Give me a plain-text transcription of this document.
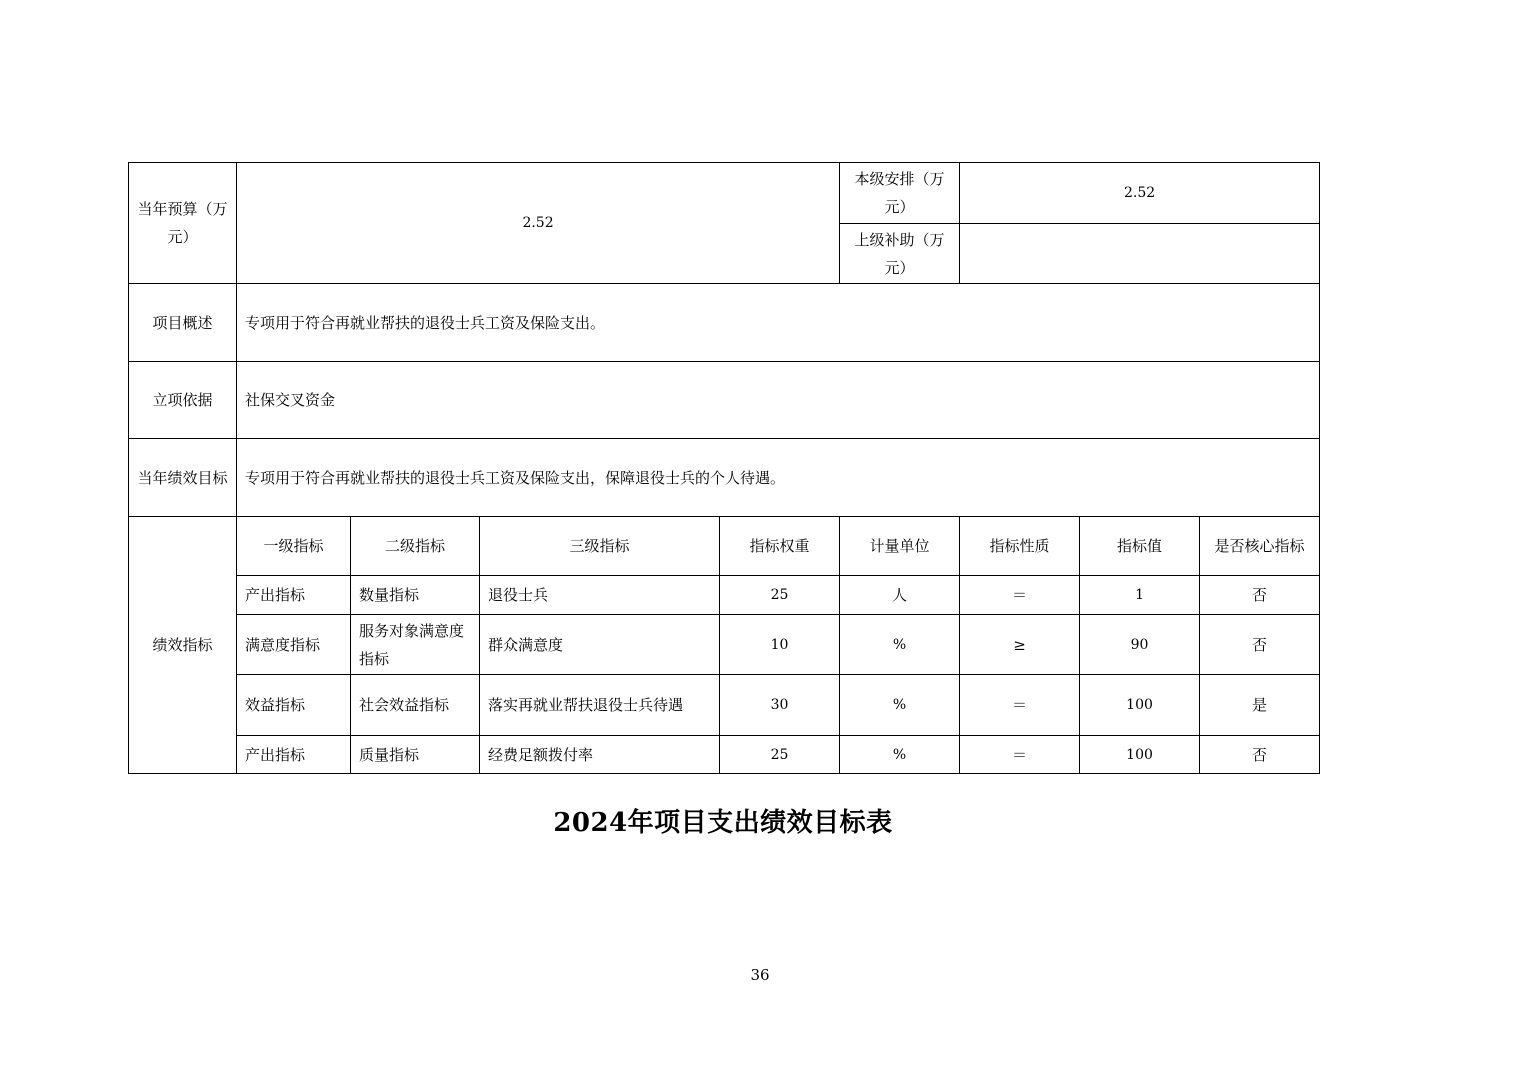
当年预算（万元）	2.52				本级安排（万元）	2.52		
					上级补助（万元）			
项目概述	专项用于符合再就业帮扶的退役士兵工资及保险支出。							
立项依据	社保交叉资金							
当年绩效目标	专项用于符合再就业帮扶的退役士兵工资及保险支出，保障退役士兵的个人待遇。							
绩效指标	一级指标	二级指标	三级指标	指标权重	计量单位	指标性质	指标值	是否核心指标
	产出指标	数量指标	退役士兵	25	人	＝	1	否
	满意度指标	服务对象满意度指标	群众满意度	10	%	≥	90	否
	效益指标	社会效益指标	落实再就业帮扶退役士兵待遇	30	%	＝	100	是
	产出指标	质量指标	经费足额拨付率	25	%	＝	100	否
2024年项目支出绩效目标表
36
